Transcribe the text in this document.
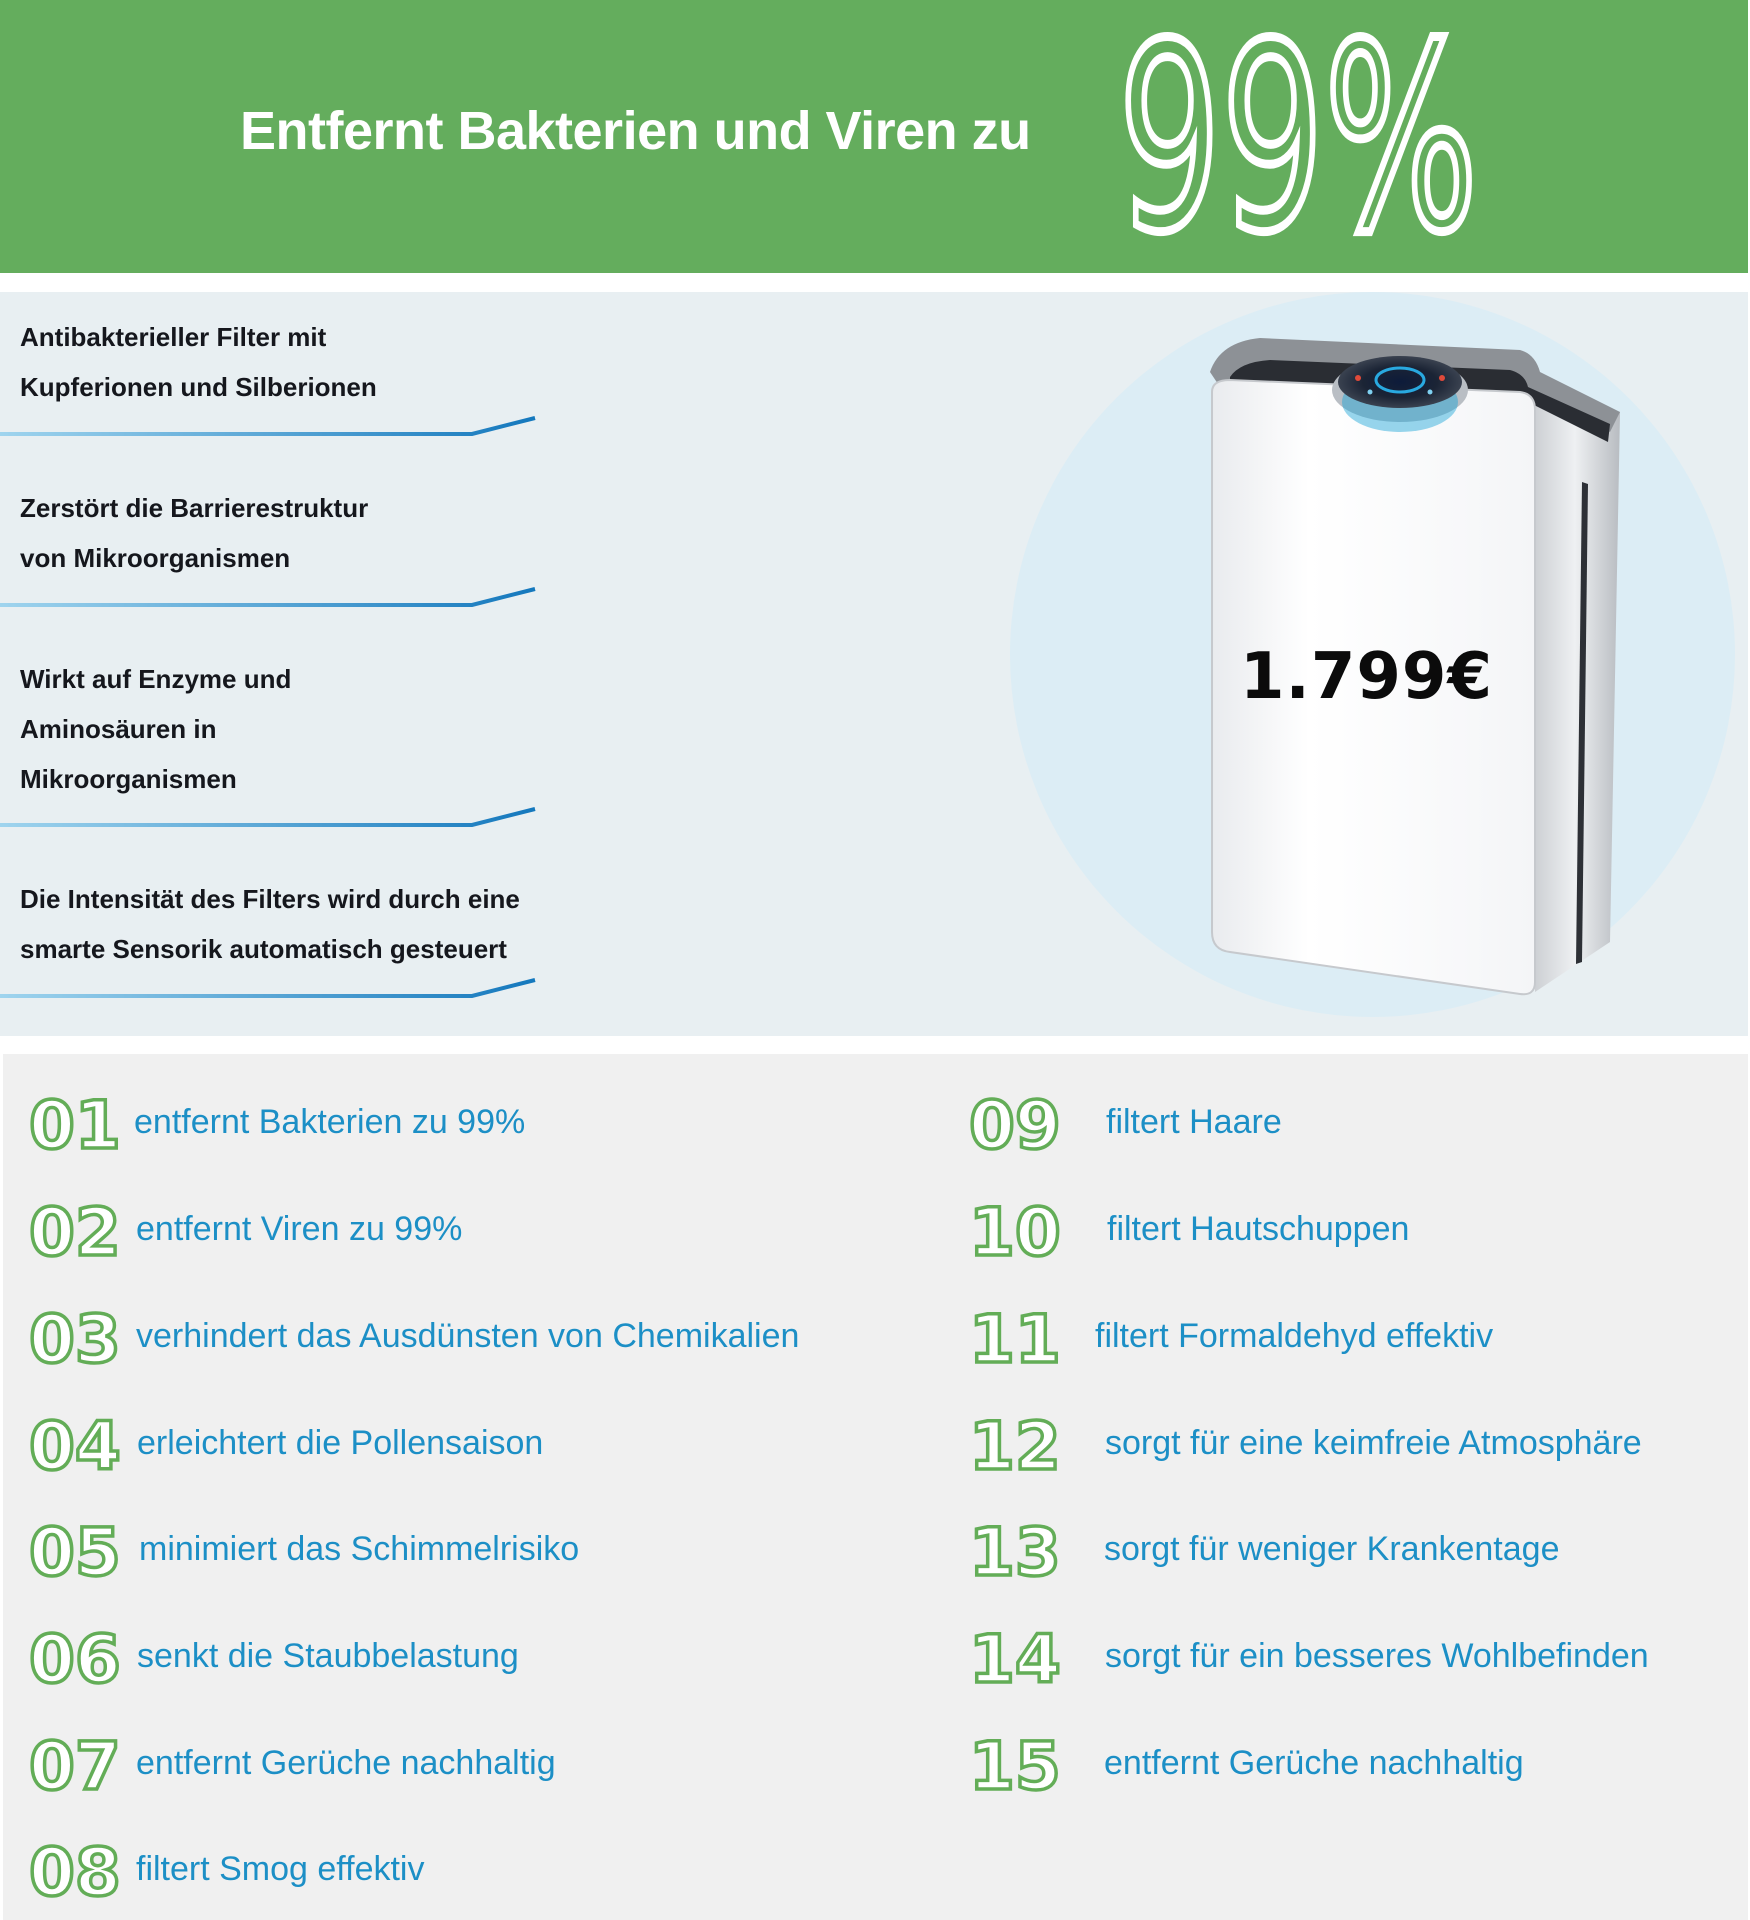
Entfernt Bakterien und Viren zu 99%
Antibakterieller Filter mit
Kupferionen und Silberionen
Zerstört die Barrierestruktur
von Mikroorganismen
Wirkt auf Enzyme und
Aminosäuren in
Mikroorganismen
Die Intensität des Filters wird durch eine
smarte Sensorik automatisch gesteuert
1.799€
01 entfernt Bakterien zu 99%
02 entfernt Viren zu 99%
03 verhindert das Ausdünsten von Chemikalien
04 erleichtert die Pollensaison
05 minimiert das Schimmelrisiko
06 senkt die Staubbelastung
07 entfernt Gerüche nachhaltig
08 filtert Smog effektiv
09 filtert Haare
10 filtert Hautschuppen
11 filtert Formaldehyd effektiv
12 sorgt für eine keimfreie Atmosphäre
13 sorgt für weniger Krankentage
14 sorgt für ein besseres Wohlbefinden
15 entfernt Gerüche nachhaltig
